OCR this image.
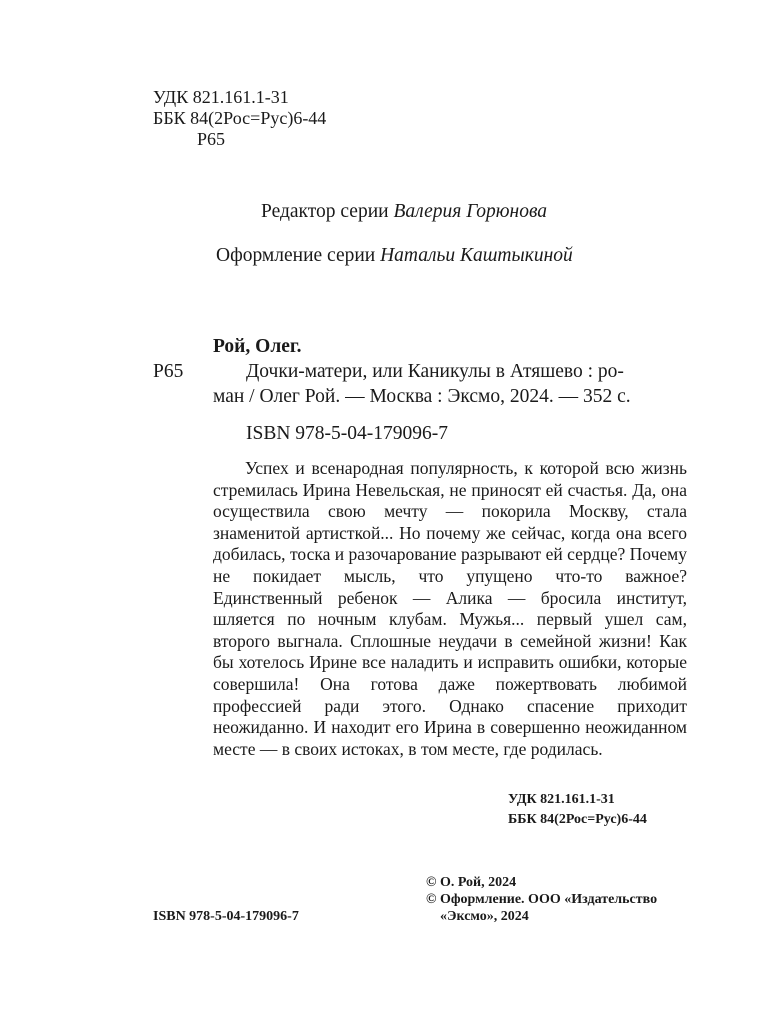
УДК 821.161.1-31
ББК 84(2Рос=Рус)6-44
Р65
Редактор серии Валерия Горюнова
Оформление серии Натальи Каштыкиной
Рой, Олег.
Р65	Дочки-матери, или Каникулы в Атяшево : ро-
ман / Олег Рой. — Москва : Эксмо, 2024. — 352 с.
ISBN 978-5-04-179096-7
Успех и всенародная популярность, к которой всю жизнь стремилась Ирина Невельская, не приносят ей счастья. Да, она осуществила свою мечту — покорила Москву, стала знаменитой артисткой... Но почему же сейчас, когда она всего добилась, тоска и разочарование разрывают ей сердце? Почему не покидает мысль, что упущено что-то важное? Единственный ребенок — Алика — бросила институт, шляется по ночным клубам. Мужья... первый ушел сам, второго выгнала. Сплошные неудачи в семейной жизни! Как бы хотелось Ирине все наладить и исправить ошибки, которые совершила! Она готова даже пожертвовать любимой профессией ради этого. Однако спасение приходит неожиданно. И находит его Ирина в совершенно неожиданном месте — в своих истоках, в том месте, где родилась.
УДК 821.161.1-31
ББК 84(2Рос=Рус)6-44
ISBN 978-5-04-179096-7
© О. Рой, 2024
© Оформление. ООО «Издательство
«Эксмо», 2024
